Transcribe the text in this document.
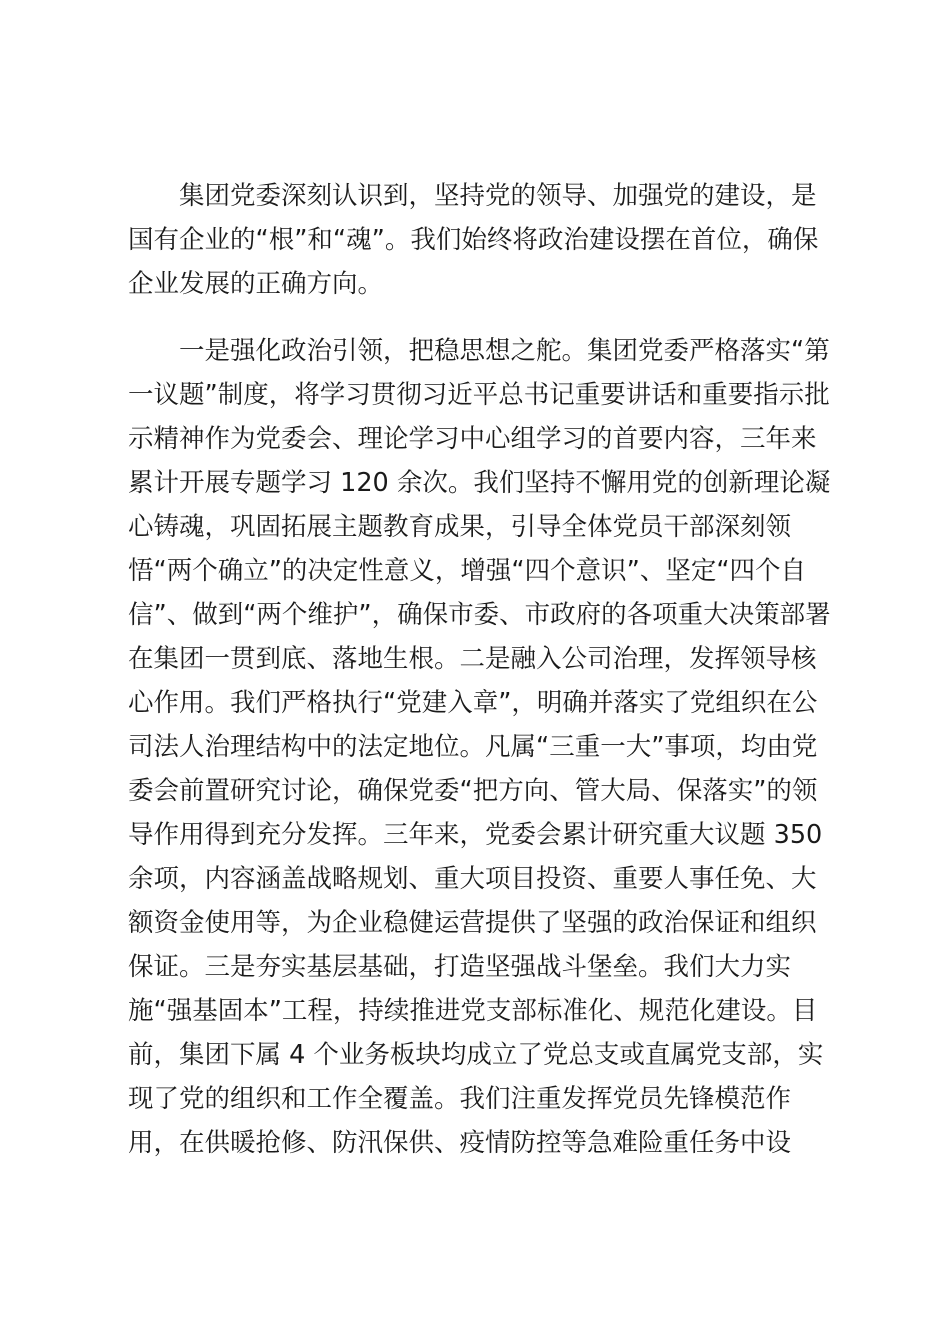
集团党委深刻认识到，坚持党的领导、加强党的建设，是
国有企业的“根”和“魂”。我们始终将政治建设摆在首位，确保
企业发展的正确方向。
一是强化政治引领，把稳思想之舵。集团党委严格落实“第
一议题”制度，将学习贯彻习近平总书记重要讲话和重要指示批
示精神作为党委会、理论学习中心组学习的首要内容，三年来
累计开展专题学习 120 余次。我们坚持不懈用党的创新理论凝
心铸魂，巩固拓展主题教育成果，引导全体党员干部深刻领
悟“两个确立”的决定性意义，增强“四个意识”、坚定“四个自
信”、做到“两个维护”，确保市委、市政府的各项重大决策部署
在集团一贯到底、落地生根。二是融入公司治理，发挥领导核
心作用。我们严格执行“党建入章”，明确并落实了党组织在公
司法人治理结构中的法定地位。凡属“三重一大”事项，均由党
委会前置研究讨论，确保党委“把方向、管大局、保落实”的领
导作用得到充分发挥。三年来，党委会累计研究重大议题 350
余项，内容涵盖战略规划、重大项目投资、重要人事任免、大
额资金使用等，为企业稳健运营提供了坚强的政治保证和组织
保证。三是夯实基层基础，打造坚强战斗堡垒。我们大力实
施“强基固本”工程，持续推进党支部标准化、规范化建设。目
前，集团下属 4 个业务板块均成立了党总支或直属党支部，实
现了党的组织和工作全覆盖。我们注重发挥党员先锋模范作
用，在供暖抢修、防汛保供、疫情防控等急难险重任务中设
